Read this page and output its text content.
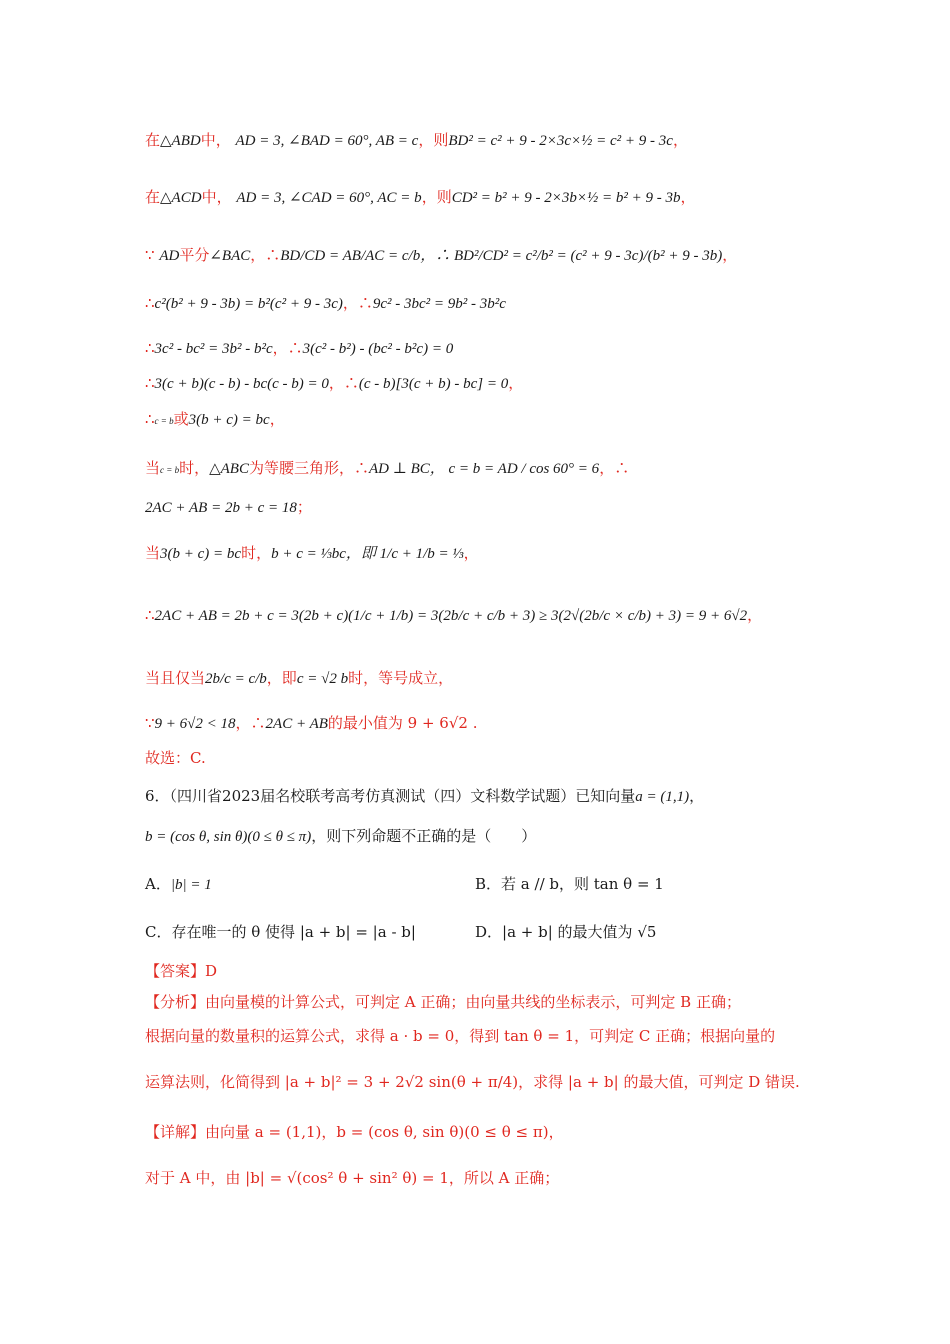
在△ABD中， AD = 3, ∠BAD = 60°, AB = c，则BD² = c² + 9 - 2×3c×½ = c² + 9 - 3c，
在△ACD中， AD = 3, ∠CAD = 60°, AC = b，则CD² = b² + 9 - 2×3b×½ = b² + 9 - 3b，
∵ AD平分∠BAC，∴BD/CD = AB/AC = c/b，∴ BD²/CD² = c²/b² = (c² + 9 - 3c)/(b² + 9 - 3b)，
∴c²(b² + 9 - 3b) = b²(c² + 9 - 3c)，∴9c² - 3bc² = 9b² - 3b²c
∴3c² - bc² = 3b² - b²c，∴3(c² - b²) - (bc² - b²c) = 0
∴3(c + b)(c - b) - bc(c - b) = 0，∴(c - b)[3(c + b) - bc] = 0，
∴c = b或3(b + c) = bc，
当c = b时，△ABC为等腰三角形，∴AD ⊥ BC， c = b = AD / cos 60° = 6，∴
2AC + AB = 2b + c = 18；
当3(b + c) = bc时，b + c = ⅓bc，即 1/c + 1/b = ⅓，
∴2AC + AB = 2b + c = 3(2b + c)(1/c + 1/b) = 3(2b/c + c/b + 3) ≥ 3(2√(2b/c × c/b) + 3) = 9 + 6√2，
当且仅当2b/c = c/b，即c = √2 b时，等号成立，
∵9 + 6√2 < 18，∴2AC + AB的最小值为 9 + 6√2 .
故选：C.
6．（四川省2023届名校联考高考仿真测试（四）文科数学试题）已知向量a = (1,1)，
b = (cos θ, sin θ)(0 ≤ θ ≤ π)，则下列命题不正确的是（　　）
A．|b| = 1	B．若 a // b，则 tan θ = 1
C．存在唯一的 θ 使得 |a + b| = |a - b|	D．|a + b| 的最大值为 √5
【答案】D
【分析】由向量模的计算公式，可判定 A 正确；由向量共线的坐标表示，可判定 B 正确；
根据向量的数量积的运算公式，求得 a · b = 0，得到 tan θ = 1，可判定 C 正确；根据向量的
运算法则，化简得到 |a + b|² = 3 + 2√2 sin(θ + π/4)，求得 |a + b| 的最大值，可判定 D 错误.
【详解】由向量 a = (1,1)，b = (cos θ, sin θ)(0 ≤ θ ≤ π)，
对于 A 中，由 |b| = √(cos² θ + sin² θ) = 1，所以 A 正确；
